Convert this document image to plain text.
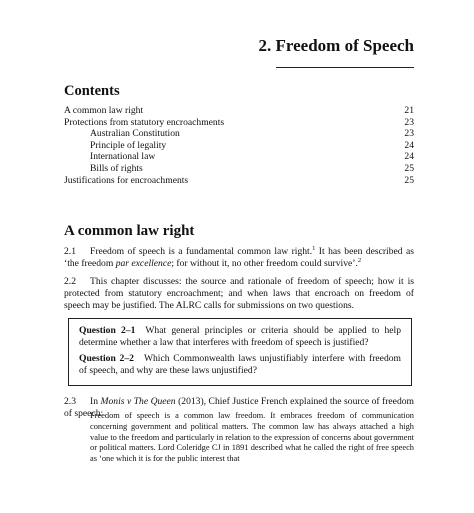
2. Freedom of Speech
Contents
A common law right	21
Protections from statutory encroachments	23
Australian Constitution	23
Principle of legality	24
International law	24
Bills of rights	25
Justifications for encroachments	25
A common law right
2.1 Freedom of speech is a fundamental common law right.$^1$ It has been described as ‘the freedom par excellence; for without it, no other freedom could survive’.$^2$
2.2 This chapter discusses: the source and rationale of freedom of speech; how it is protected from statutory encroachment; and when laws that encroach on freedom of speech may be justified. The ALRC calls for submissions on two questions.
Question 2–1 What general principles or criteria should be applied to help determine whether a law that interferes with freedom of speech is justified?
Question 2–2 Which Commonwealth laws unjustifiably interfere with freedom of speech, and why are these laws unjustified?
2.3 In Monis v The Queen (2013), Chief Justice French explained the source of freedom of speech:
Freedom of speech is a common law freedom. It embraces freedom of communication concerning government and political matters. The common law has always attached a high value to the freedom and particularly in relation to the expression of concerns about government or political matters. Lord Coleridge CJ in 1891 described what he called the right of free speech as ‘one which it is for the public interest that
